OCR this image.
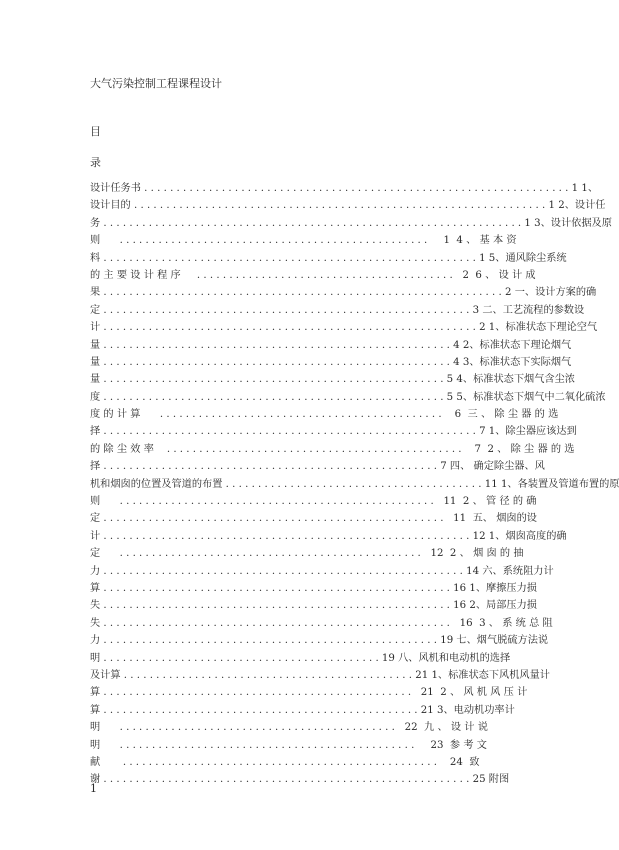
大气污染控制工程课程设计
目
录
设计任务书 . . . . . . . . . . . . . . . . . . . . . . . . . . . . . . . . . . . . . . . . . . . . . . . . . . . . . . . . . . . . . . . . . . 1 1、
设计目的 . . . . . . . . . . . . . . . . . . . . . . . . . . . . . . . . . . . . . . . . . . . . . . . . . . . . . . . . . . . . . . . . 1 2、设计任
务 . . . . . . . . . . . . . . . . . . . . . . . . . . . . . . . . . . . . . . . . . . . . . . . . . . . . . . . . . . . . . . . . . 1 3、设计依据及原
则      . . . . . . . . . . . . . . . . . . . . . . . . . . . . . . . . . . . . . . . . . . . . . . . .     1  4 、 基 本 资
料 . . . . . . . . . . . . . . . . . . . . . . . . . . . . . . . . . . . . . . . . . . . . . . . . . . . . . . . . . . 1 5、通风除尘系统
的 主 要 设 计 程 序     . . . . . . . . . . . . . . . . . . . . . . . . . . . . . . . . . . . . . . . .   2  6 、 设 计 成
果 . . . . . . . . . . . . . . . . . . . . . . . . . . . . . . . . . . . . . . . . . . . . . . . . . . . . . . . . . . . . . . 2 一、设计方案的确
定 . . . . . . . . . . . . . . . . . . . . . . . . . . . . . . . . . . . . . . . . . . . . . . . . . . . . . . . . . 3 二、工艺流程的参数设
计 . . . . . . . . . . . . . . . . . . . . . . . . . . . . . . . . . . . . . . . . . . . . . . . . . . . . . . . . . . 2 1、标准状态下理论空气
量 . . . . . . . . . . . . . . . . . . . . . . . . . . . . . . . . . . . . . . . . . . . . . . . . . . . . . . 4 2、标准状态下理论烟气
量 . . . . . . . . . . . . . . . . . . . . . . . . . . . . . . . . . . . . . . . . . . . . . . . . . . . . . . 4 3、标准状态下实际烟气
量 . . . . . . . . . . . . . . . . . . . . . . . . . . . . . . . . . . . . . . . . . . . . . . . . . . . . . 5 4、标准状态下烟气含尘浓
度 . . . . . . . . . . . . . . . . . . . . . . . . . . . . . . . . . . . . . . . . . . . . . . . . . . . . . 5 5、标准状态下烟气中二氧化硫浓
度 的 计 算      . . . . . . . . . . . . . . . . . . . . . . . . . . . . . . . . . . . . . . . . . . . .    6  三 、 除 尘 器 的 选
择 . . . . . . . . . . . . . . . . . . . . . . . . . . . . . . . . . . . . . . . . . . . . . . . . . . . . . . . . . . 7 1、除尘器应该达到
的 除 尘 效 率    . . . . . . . . . . . . . . . . . . . . . . . . . . . . . . . . . . . . . . . . . . . . . .    7  2 、 除 尘 器 的 选
择 . . . . . . . . . . . . . . . . . . . . . . . . . . . . . . . . . . . . . . . . . . . . . . . . . . . . 7 四、 确定除尘器、风
机和烟囱的位置及管道的布置 . . . . . . . . . . . . . . . . . . . . . . . . . . . . . . . . . . . . . . . . 11 1、各装置及管道布置的原
则      . . . . . . . . . . . . . . . . . . . . . . . . . . . . . . . . . . . . . . . . . . . . . . . . .   11  2 、 管 径 的 确
定 . . . . . . . . . . . . . . . . . . . . . . . . . . . . . . . . . . . . . . . . . . . . . . . . . . . . .   11  五、 烟囱的设
计 . . . . . . . . . . . . . . . . . . . . . . . . . . . . . . . . . . . . . . . . . . . . . . . . . . . . . . . . . 12 1、烟囱高度的确
定      . . . . . . . . . . . . . . . . . . . . . . . . . . . . . . . . . . . . . . . . . . . . . . .   12  2 、 烟 囱 的 抽
力 . . . . . . . . . . . . . . . . . . . . . . . . . . . . . . . . . . . . . . . . . . . . . . . . . . . . . . . . 14 六、系统阻力计
算 . . . . . . . . . . . . . . . . . . . . . . . . . . . . . . . . . . . . . . . . . . . . . . . . . . . . . . 16 1、摩擦压力损
失 . . . . . . . . . . . . . . . . . . . . . . . . . . . . . . . . . . . . . . . . . . . . . . . . . . . . . . 16 2、局部压力损
失 . . . . . . . . . . . . . . . . . . . . . . . . . . . . . . . . . . . . . . . . . . . . . . . . . . . . . .   16  3 、 系 统 总 阻
力 . . . . . . . . . . . . . . . . . . . . . . . . . . . . . . . . . . . . . . . . . . . . . . . . . . . . 19 七、烟气脱硫方法说
明 . . . . . . . . . . . . . . . . . . . . . . . . . . . . . . . . . . . . . . . . . . . 19 八、风机和电动机的选择
及计算 . . . . . . . . . . . . . . . . . . . . . . . . . . . . . . . . . . . . . . . . . . . . . 21 1、标准状态下风机风量计
算 . . . . . . . . . . . . . . . . . . . . . . . . . . . . . . . . . . . . . . . . . . . . . . . .   21  2 、 风 机 风 压 计
算 . . . . . . . . . . . . . . . . . . . . . . . . . . . . . . . . . . . . . . . . . . . . . . . . . 21 3、电动机功率计
明      . . . . . . . . . . . . . . . . . . . . . . . . . . . . . . . . . . . . . . . . . . .   22  九 、 设 计 说
明      . . . . . . . . . . . . . . . . . . . . . . . . . . . . . . . . . . . . . . . . . . . . . .     23  参 考 文
献       . . . . . . . . . . . . . . . . . . . . . . . . . . . . . . . . . . . . . . . . . . . . . . . . .    24  致
谢 . . . . . . . . . . . . . . . . . . . . . . . . . . . . . . . . . . . . . . . . . . . . . . . . . . . . . . . . . 25 附图
1
